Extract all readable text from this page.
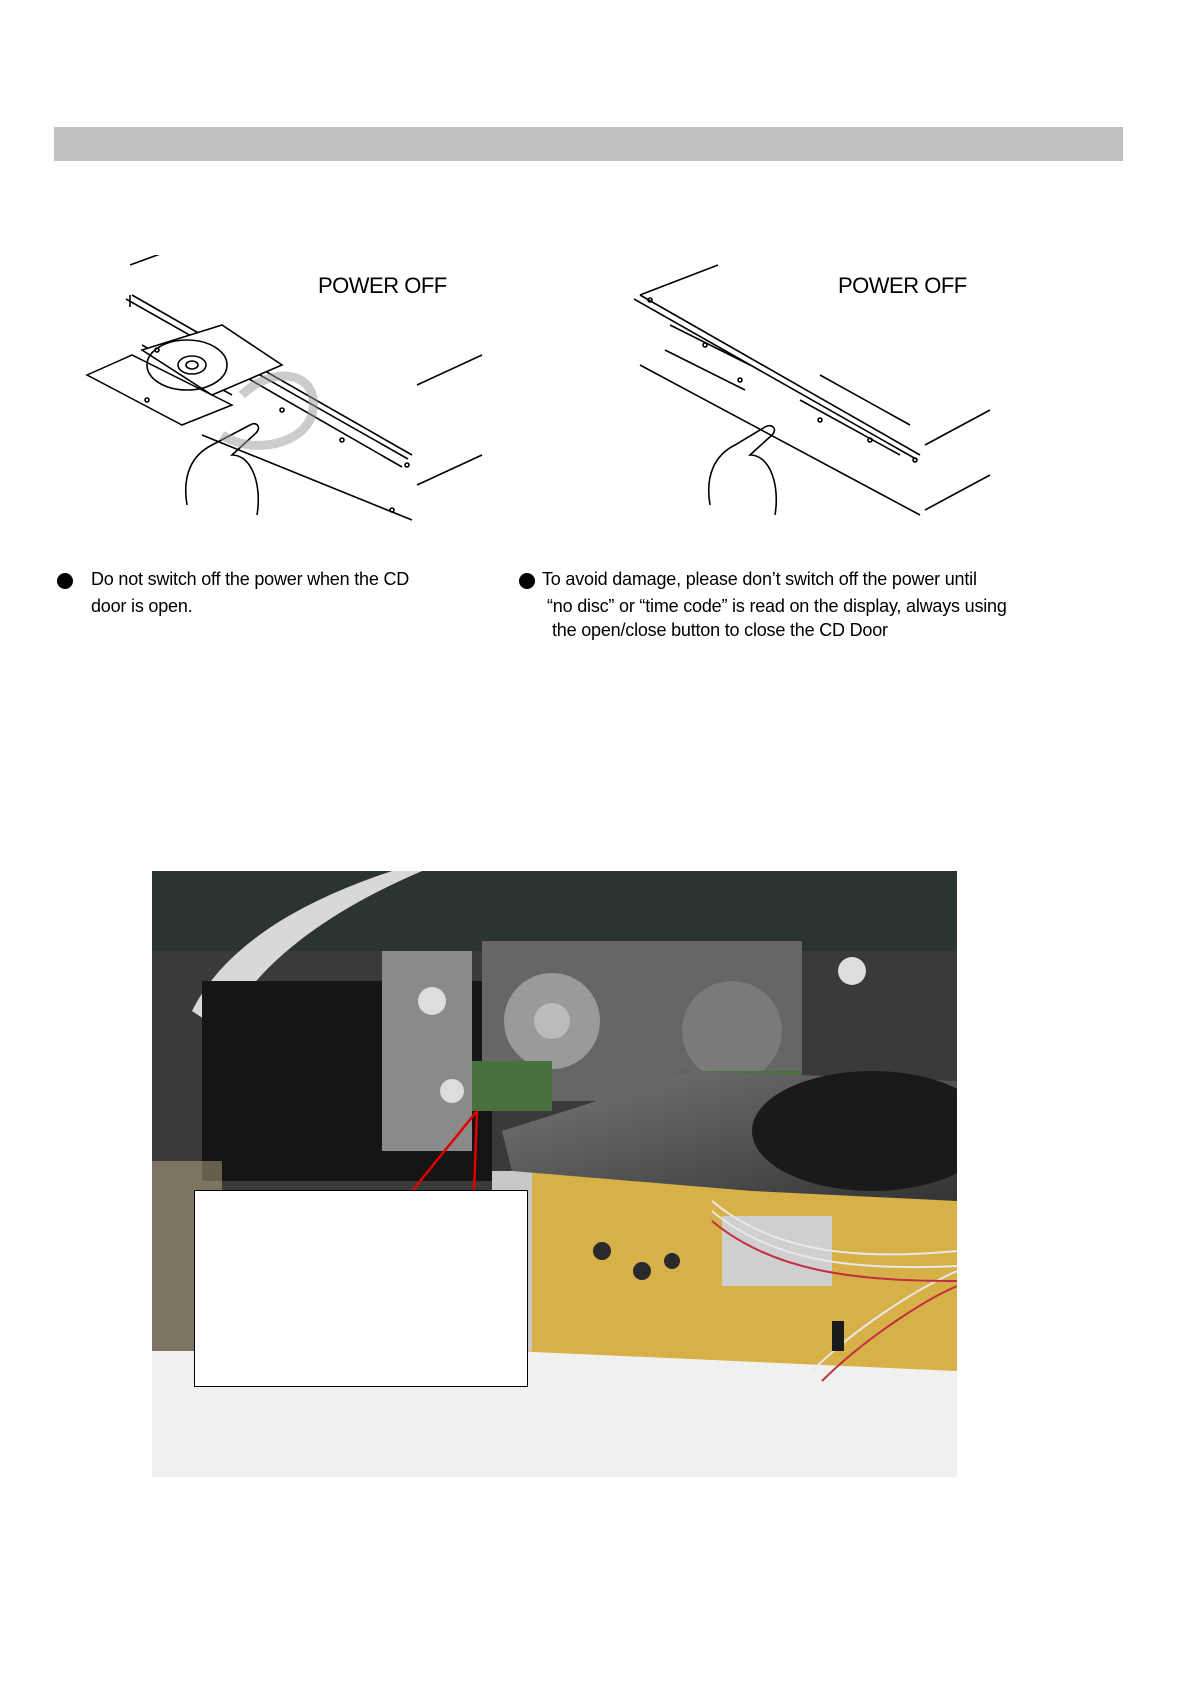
POWER OFF	POWER OFF
Do not switch off the power when the CD
door is open.
To avoid damage, please don’t switch off the power until
“no disc” or “time code” is read on the display, always using
the open/close button to close the CD Door
